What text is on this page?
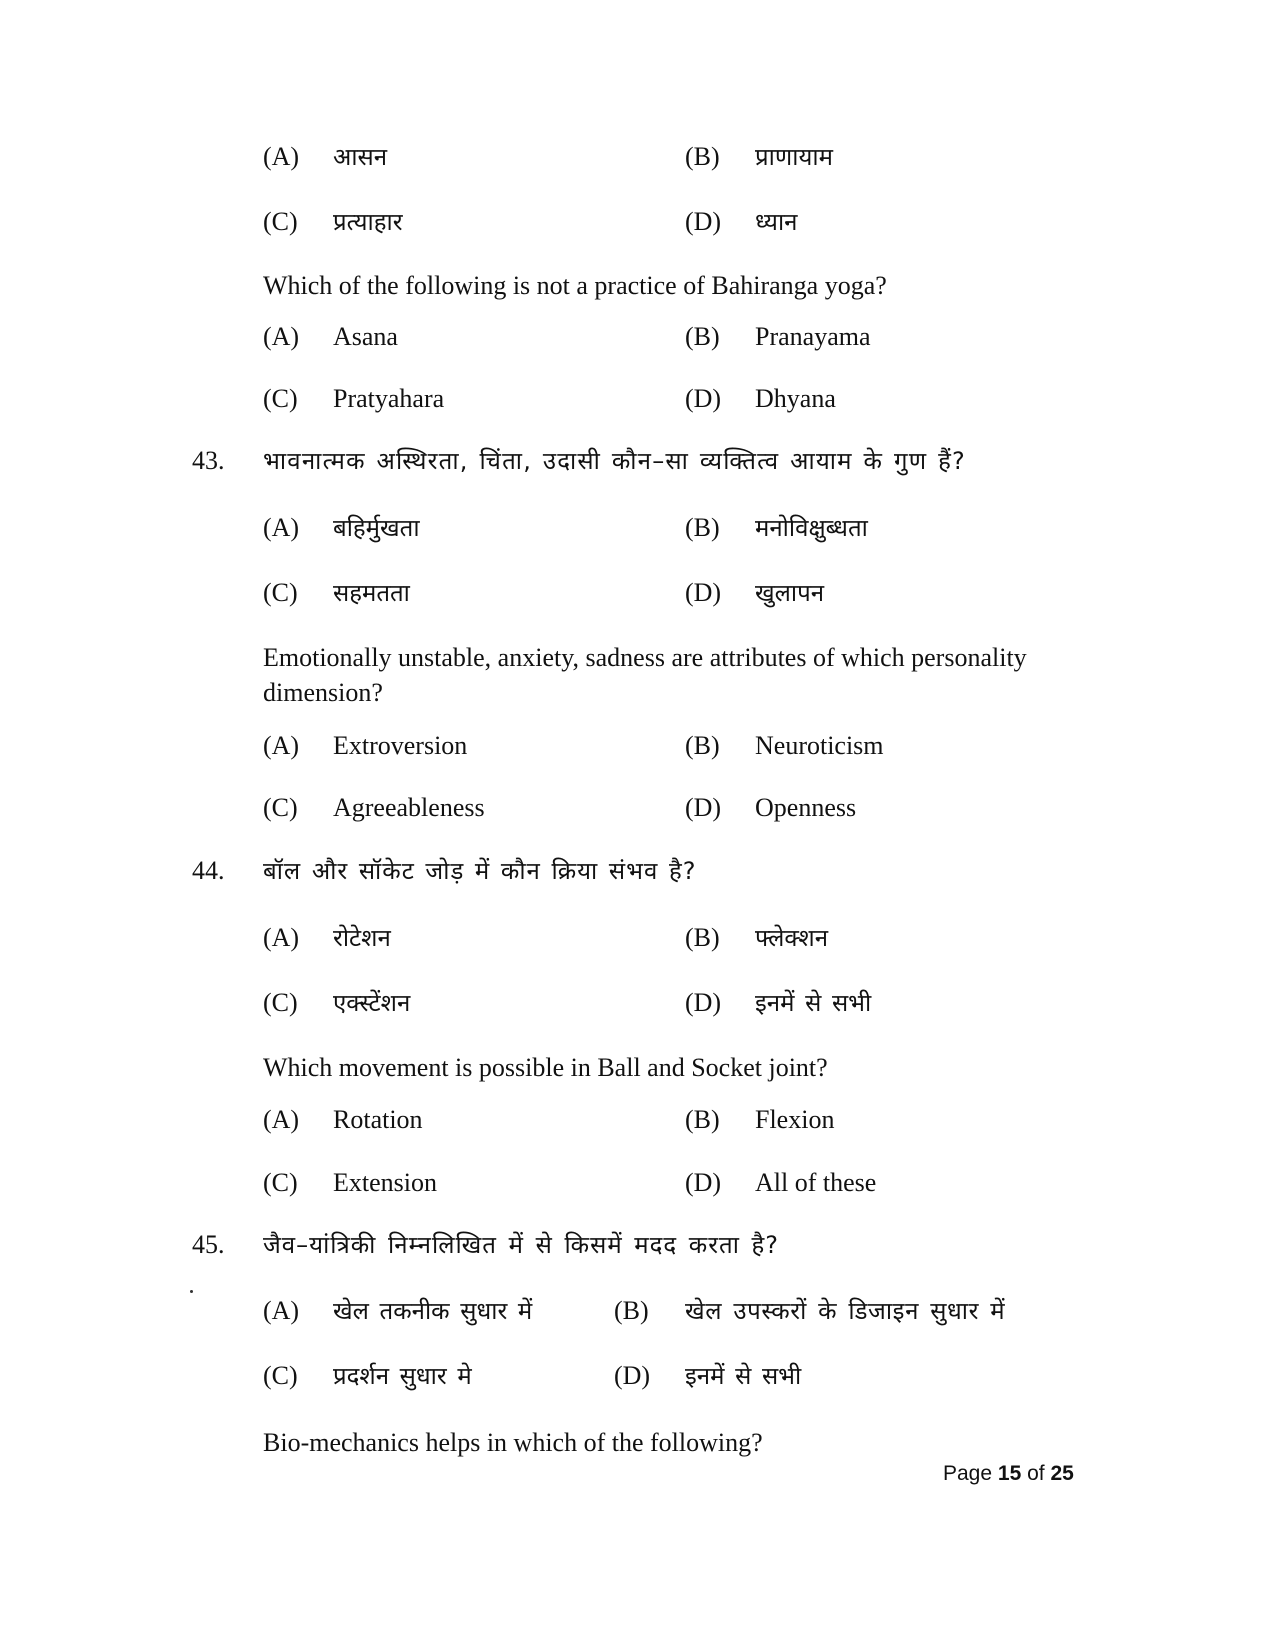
(A) आसन	(B) प्राणायाम
(C) प्रत्याहार	(D) ध्यान
Which of the following is not a practice of Bahiranga yoga?
(A) Asana	(B) Pranayama
(C) Pratyahara	(D) Dhyana
43. भावनात्मक अस्थिरता, चिंता, उदासी कौन–सा व्यक्तित्व आयाम के गुण हैं?
(A) बहिर्मुखता	(B) मनोविक्षुब्धता
(C) सहमतता	(D) खुलापन
Emotionally unstable, anxiety, sadness are attributes of which personality
dimension?
(A) Extroversion	(B) Neuroticism
(C) Agreeableness	(D) Openness
44. बॉल और सॉकेट जोड़ में कौन क्रिया संभव है?
(A) रोटेशन	(B) फ्लेक्शन
(C) एक्स्टेंशन	(D) इनमें से सभी
Which movement is possible in Ball and Socket joint?
(A) Rotation	(B) Flexion
(C) Extension	(D) All of these
45. जैव–यांत्रिकी निम्नलिखित में से किसमें मदद करता है?
(A) खेल तकनीक सुधार में	(B) खेल उपस्करों के डिजाइन सुधार में
(C) प्रदर्शन सुधार मे	(D) इनमें से सभी
Bio-mechanics helps in which of the following?
Page 15 of 25
